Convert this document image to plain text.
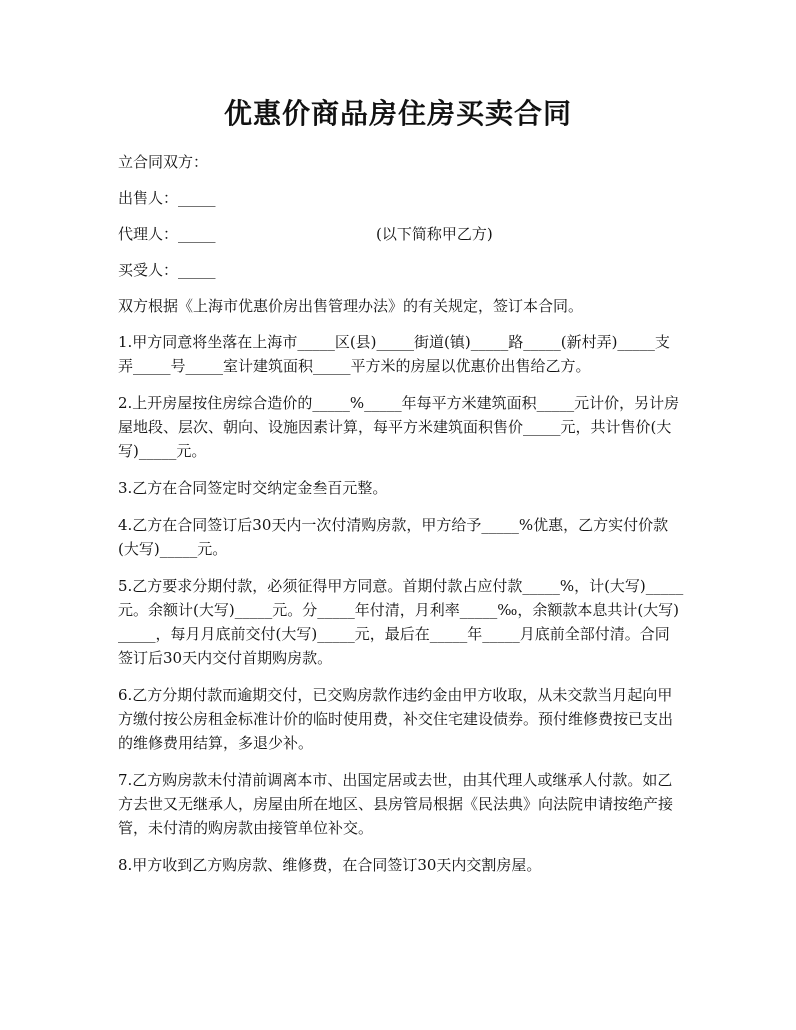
优惠价商品房住房买卖合同

立合同双方：

出售人：_____

代理人：_____	(以下简称甲乙方)

买受人：_____

双方根据《上海市优惠价房出售管理办法》的有关规定，签订本合同。

1.甲方同意将坐落在上海市_____区(县)_____街道(镇)_____路_____(新村弄)_____支弄_____号_____室计建筑面积_____平方米的房屋以优惠价出售给乙方。

2.上开房屋按住房综合造价的_____%_____年每平方米建筑面积_____元计价，另计房屋地段、层次、朝向、设施因素计算，每平方米建筑面积售价_____元，共计售价(大写)_____元。

3.乙方在合同签定时交纳定金叁百元整。

4.乙方在合同签订后30天内一次付清购房款，甲方给予_____%优惠，乙方实付价款(大写)_____元。

5.乙方要求分期付款，必须征得甲方同意。首期付款占应付款_____%，计(大写)_____元。余额计(大写)_____元。分_____年付清，月利率_____‰，余额款本息共计(大写)_____，每月月底前交付(大写)_____元，最后在_____年_____月底前全部付清。合同签订后30天内交付首期购房款。

6.乙方分期付款而逾期交付，已交购房款作违约金由甲方收取，从未交款当月起向甲方缴付按公房租金标准计价的临时使用费，补交住宅建设债券。预付维修费按已支出的维修费用结算，多退少补。

7.乙方购房款未付清前调离本市、出国定居或去世，由其代理人或继承人付款。如乙方去世又无继承人，房屋由所在地区、县房管局根据《民法典》向法院申请按绝产接管，未付清的购房款由接管单位补交。

8.甲方收到乙方购房款、维修费，在合同签订30天内交割房屋。
